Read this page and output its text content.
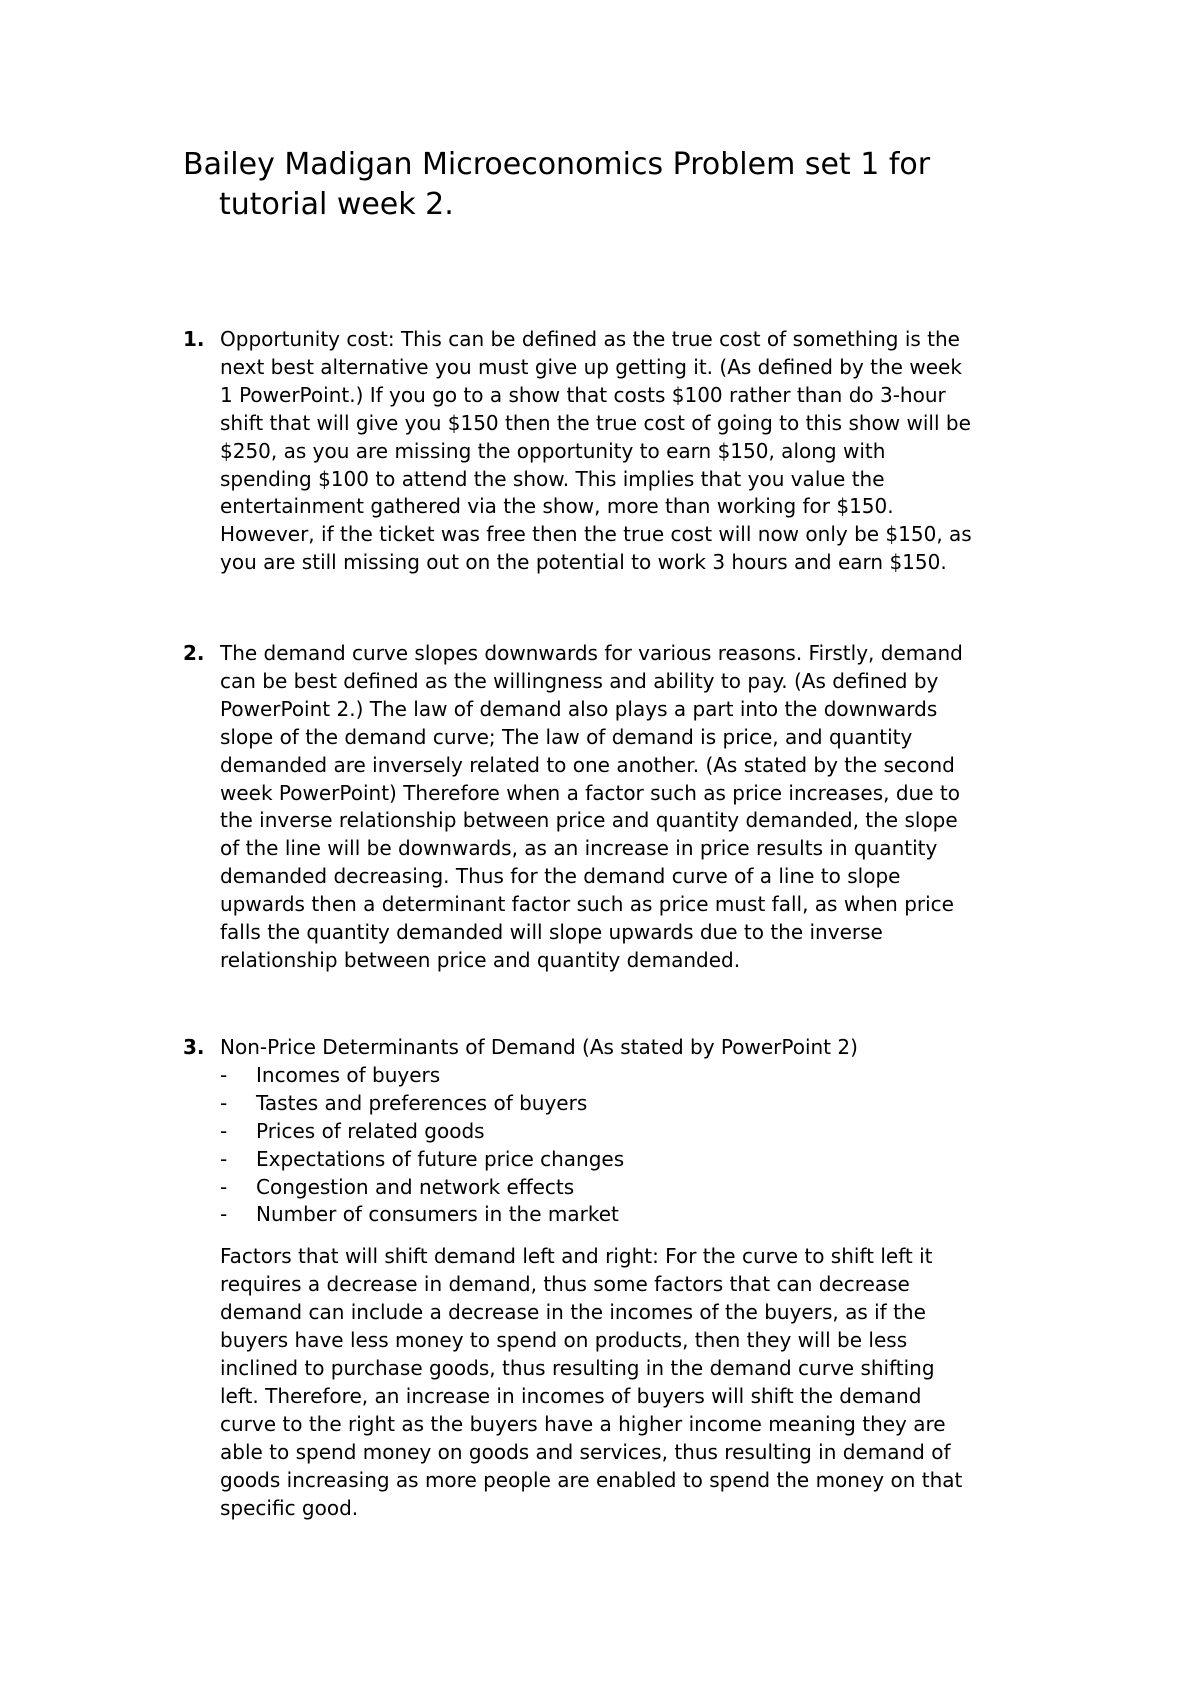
Bailey Madigan Microeconomics Problem set 1 for
tutorial week 2.
1. Opportunity cost: This can be defined as the true cost of something is the
next best alternative you must give up getting it. (As defined by the week
1 PowerPoint.) If you go to a show that costs $100 rather than do 3-hour
shift that will give you $150 then the true cost of going to this show will be
$250, as you are missing the opportunity to earn $150, along with
spending $100 to attend the show. This implies that you value the
entertainment gathered via the show, more than working for $150.
However, if the ticket was free then the true cost will now only be $150, as
you are still missing out on the potential to work 3 hours and earn $150.
2. The demand curve slopes downwards for various reasons. Firstly, demand
can be best defined as the willingness and ability to pay. (As defined by
PowerPoint 2.) The law of demand also plays a part into the downwards
slope of the demand curve; The law of demand is price, and quantity
demanded are inversely related to one another. (As stated by the second
week PowerPoint) Therefore when a factor such as price increases, due to
the inverse relationship between price and quantity demanded, the slope
of the line will be downwards, as an increase in price results in quantity
demanded decreasing. Thus for the demand curve of a line to slope
upwards then a determinant factor such as price must fall, as when price
falls the quantity demanded will slope upwards due to the inverse
relationship between price and quantity demanded.
3. Non-Price Determinants of Demand (As stated by PowerPoint 2)
- Incomes of buyers
- Tastes and preferences of buyers
- Prices of related goods
- Expectations of future price changes
- Congestion and network effects
- Number of consumers in the market
Factors that will shift demand left and right: For the curve to shift left it
requires a decrease in demand, thus some factors that can decrease
demand can include a decrease in the incomes of the buyers, as if the
buyers have less money to spend on products, then they will be less
inclined to purchase goods, thus resulting in the demand curve shifting
left. Therefore, an increase in incomes of buyers will shift the demand
curve to the right as the buyers have a higher income meaning they are
able to spend money on goods and services, thus resulting in demand of
goods increasing as more people are enabled to spend the money on that
specific good.
